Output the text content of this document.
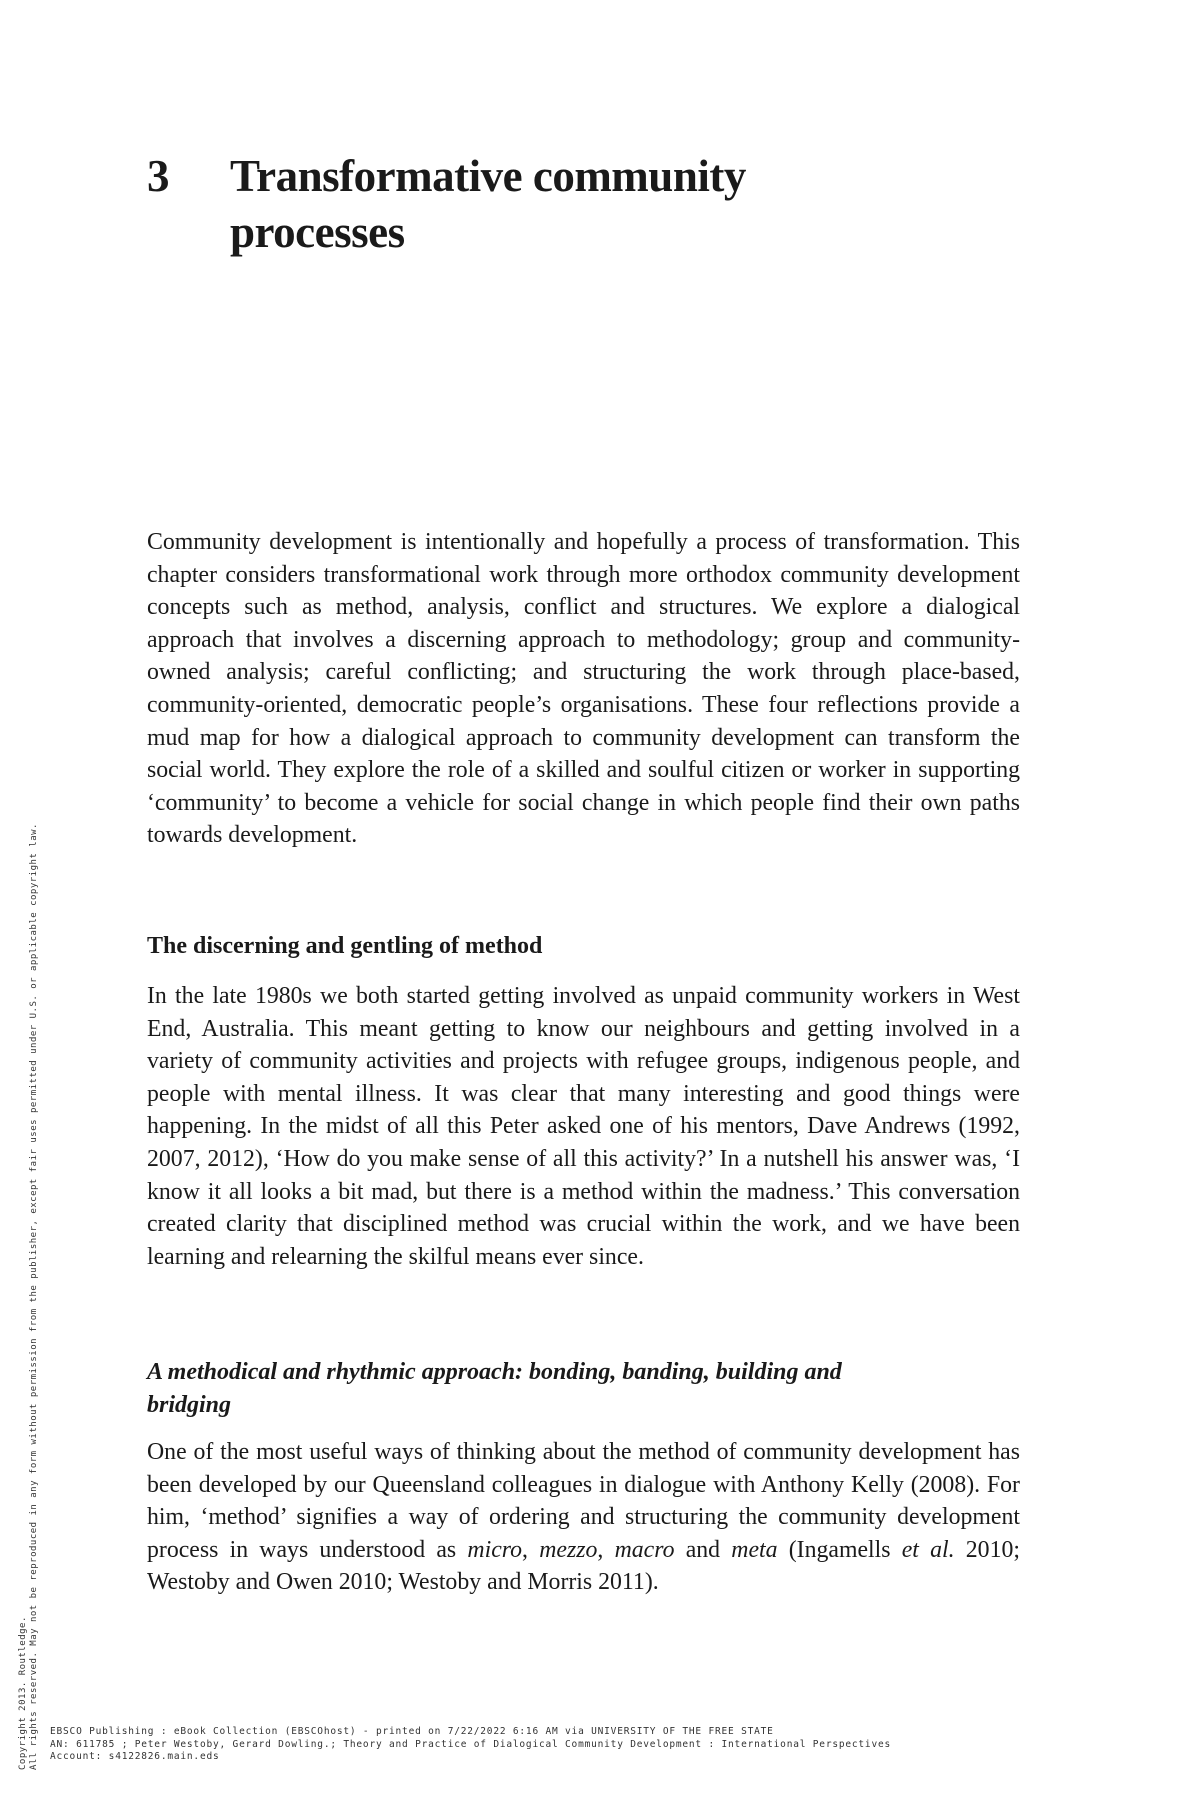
3 Transformative community processes

Community development is intentionally and hopefully a process of transformation. This chapter considers transformational work through more orthodox community development concepts such as method, analysis, conflict and structures. We explore a dialogical approach that involves a discerning approach to methodology; group and community-owned analysis; careful conflicting; and structuring the work through place-based, community-oriented, democratic people’s organisations. These four reflections provide a mud map for how a dialogical approach to community development can transform the social world. They explore the role of a skilled and soulful citizen or worker in supporting ‘community’ to become a vehicle for social change in which people find their own paths towards development.

The discerning and gentling of method

In the late 1980s we both started getting involved as unpaid community workers in West End, Australia. This meant getting to know our neighbours and getting involved in a variety of community activities and projects with refugee groups, indigenous people, and people with mental illness. It was clear that many interesting and good things were happening. In the midst of all this Peter asked one of his mentors, Dave Andrews (1992, 2007, 2012), ‘How do you make sense of all this activity?’ In a nutshell his answer was, ‘I know it all looks a bit mad, but there is a method within the madness.’ This conversation created clarity that disciplined method was crucial within the work, and we have been learning and relearning the skilful means ever since.

A methodical and rhythmic approach: bonding, banding, building and bridging

One of the most useful ways of thinking about the method of community development has been developed by our Queensland colleagues in dialogue with Anthony Kelly (2008). For him, ‘method’ signifies a way of ordering and structuring the community development process in ways understood as micro, mezzo, macro and meta (Ingamells et al. 2010; Westoby and Owen 2010; Westoby and Morris 2011).

Copyright 2013. Routledge. All rights reserved. May not be reproduced in any form without permission from the publisher, except fair uses permitted under U.S. or applicable copyright law. EBSCO Publishing : eBook Collection (EBSCOhost) - printed on 7/22/2022 6:16 AM via UNIVERSITY OF THE FREE STATE
AN: 611785 ; Peter Westoby, Gerard Dowling.; Theory and Practice of Dialogical Community Development : International Perspectives
Account: s4122826.main.eds
